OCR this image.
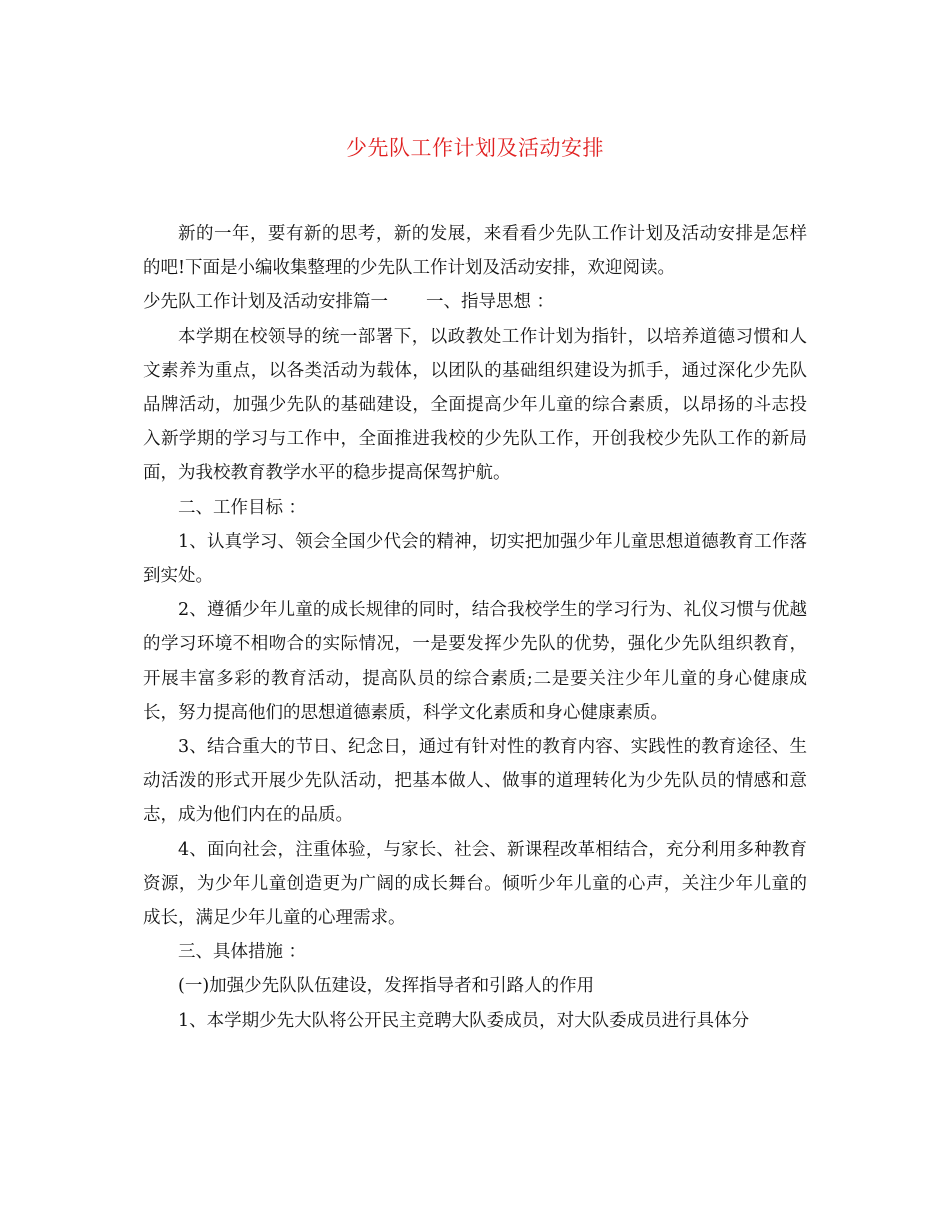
少先队工作计划及活动安排

新的一年，要有新的思考，新的发展，来看看少先队工作计划及活动安排是怎样的吧!下面是小编收集整理的少先队工作计划及活动安排，欢迎阅读。

少先队工作计划及活动安排篇一 一、指导思想 ：

本学期在校领导的统一部署下，以政教处工作计划为指针，以培养道德习惯和人文素养为重点，以各类活动为载体，以团队的基础组织建设为抓手，通过深化少先队品牌活动，加强少先队的基础建设，全面提高少年儿童的综合素质，以昂扬的斗志投入新学期的学习与工作中，全面推进我校的少先队工作，开创我校少先队工作的新局面，为我校教育教学水平的稳步提高保驾护航。

二、工作目标 ：

1、认真学习、领会全国少代会的精神，切实把加强少年儿童思想道德教育工作落到实处。

2、遵循少年儿童的成长规律的同时，结合我校学生的学习行为、礼仪习惯与优越的学习环境不相吻合的实际情况，一是要发挥少先队的优势，强化少先队组织教育，开展丰富多彩的教育活动，提高队员的综合素质;二是要关注少年儿童的身心健康成长，努力提高他们的思想道德素质，科学文化素质和身心健康素质。

3、结合重大的节日、纪念日，通过有针对性的教育内容、实践性的教育途径、生动活泼的形式开展少先队活动，把基本做人、做事的道理转化为少先队员的情感和意志，成为他们内在的品质。

4、面向社会，注重体验，与家长、社会、新课程改革相结合，充分利用多种教育资源，为少年儿童创造更为广阔的成长舞台。倾听少年儿童的心声，关注少年儿童的成长，满足少年儿童的心理需求。

三、具体措施 ：

(一)加强少先队队伍建设，发挥指导者和引路人的作用

1、本学期少先大队将公开民主竞聘大队委成员，对大队委成员进行具体分
